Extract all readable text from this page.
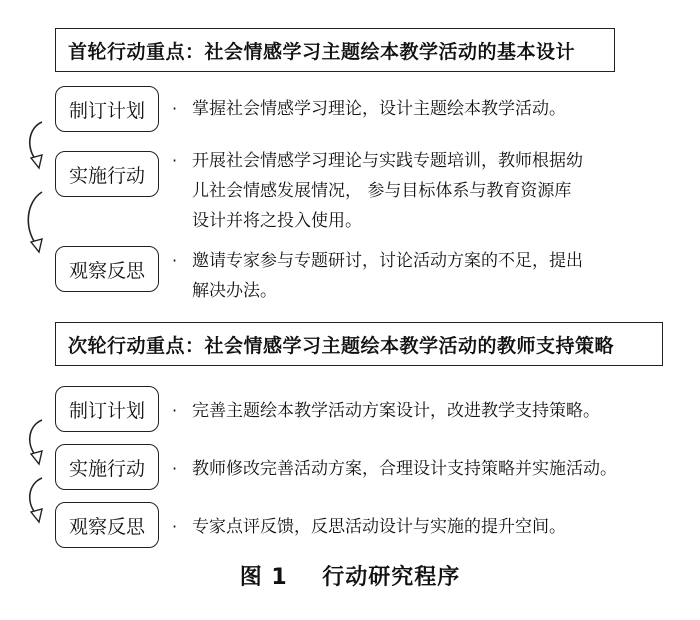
首轮行动重点：社会情感学习主题绘本教学活动的基本设计
制订计划
实施行动
观察反思
· 掌握社会情感学习理论，设计主题绘本教学活动。
· 开展社会情感学习理论与实践专题培训，教师根据幼
儿社会情感发展情况， 参与目标体系与教育资源库
设计并将之投入使用。
· 邀请专家参与专题研讨，讨论活动方案的不足，提出
解决办法。
次轮行动重点：社会情感学习主题绘本教学活动的教师支持策略
制订计划
实施行动
观察反思
· 完善主题绘本教学活动方案设计，改进教学支持策略。
· 教师修改完善活动方案，合理设计支持策略并实施活动。
· 专家点评反馈，反思活动设计与实施的提升空间。
图 1    行动研究程序
